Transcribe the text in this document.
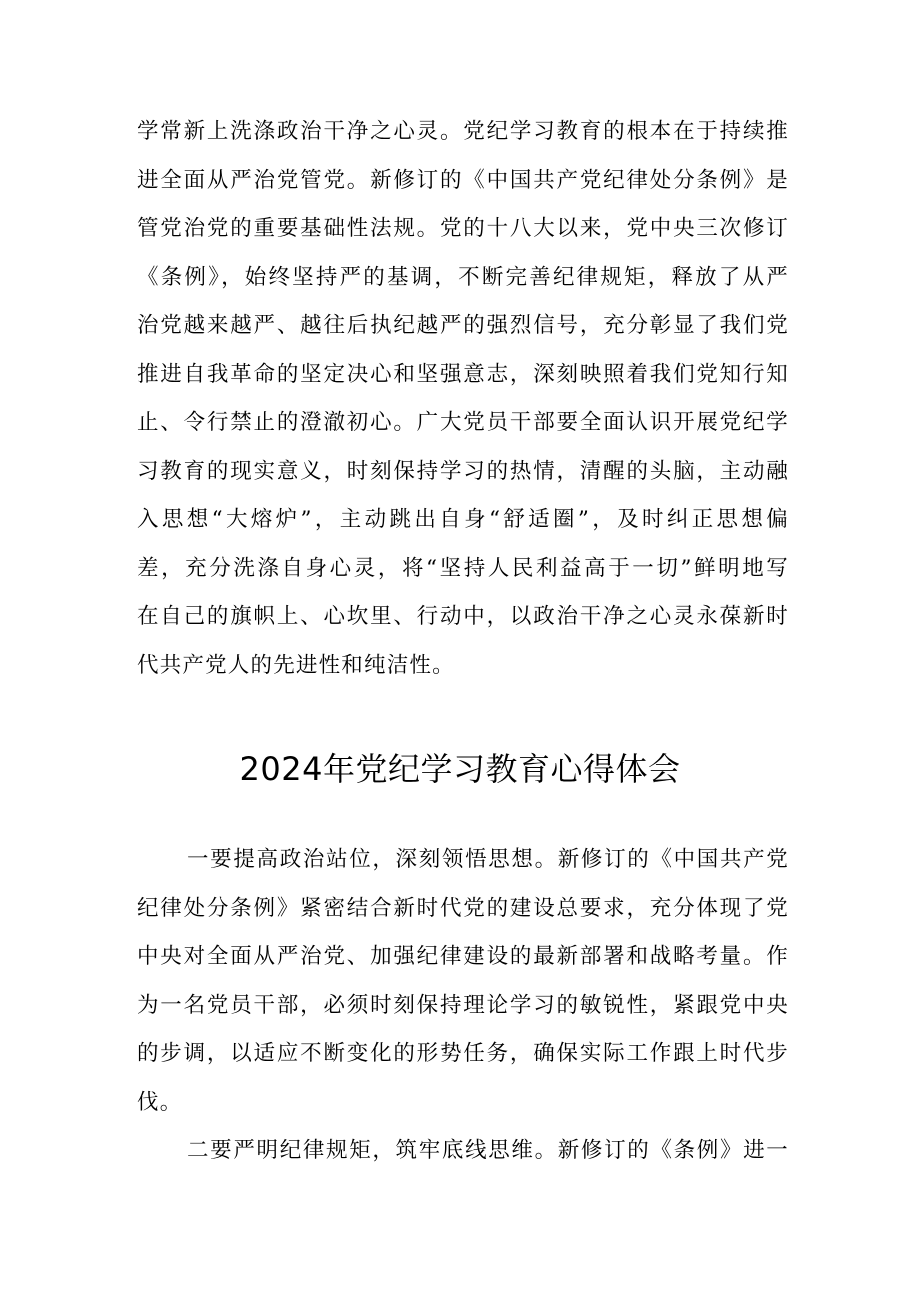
学常新上洗涤政治干净之心灵。党纪学习教育的根本在于持续推
进全面从严治党管党。新修订的《中国共产党纪律处分条例》是
管党治党的重要基础性法规。党的十八大以来，党中央三次修订
《条例》，始终坚持严的基调，不断完善纪律规矩，释放了从严
治党越来越严、越往后执纪越严的强烈信号，充分彰显了我们党
推进自我革命的坚定决心和坚强意志，深刻映照着我们党知行知
止、令行禁止的澄澈初心。广大党员干部要全面认识开展党纪学
习教育的现实意义，时刻保持学习的热情，清醒的头脑，主动融
入思想“大熔炉”，主动跳出自身“舒适圈”，及时纠正思想偏
差，充分洗涤自身心灵，将“坚持人民利益高于一切”鲜明地写
在自己的旗帜上、心坎里、行动中，以政治干净之心灵永葆新时
代共产党人的先进性和纯洁性。
2024年党纪学习教育心得体会
一要提高政治站位，深刻领悟思想。新修订的《中国共产党
纪律处分条例》紧密结合新时代党的建设总要求，充分体现了党
中央对全面从严治党、加强纪律建设的最新部署和战略考量。作
为一名党员干部，必须时刻保持理论学习的敏锐性，紧跟党中央
的步调，以适应不断变化的形势任务，确保实际工作跟上时代步
伐。
二要严明纪律规矩，筑牢底线思维。新修订的《条例》进一
